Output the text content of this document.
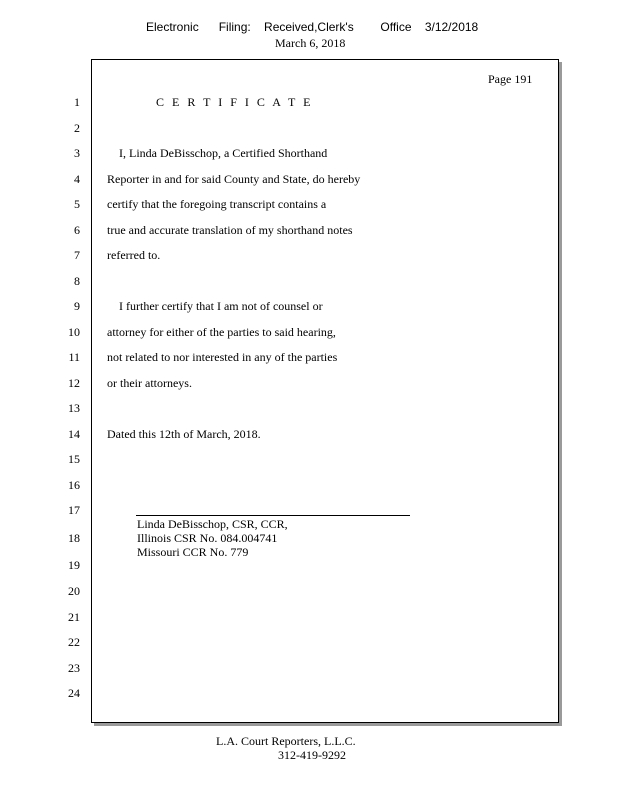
Electronic      Filing:    Received,Clerk's        Office    3/12/2018
March 6, 2018
Page 191
1
2
3
4
5
6
7
8
9
10
11
12
13
14
15
16
17
18
19
20
21
22
23
24
C E R T I F I C A T E
I, Linda DeBisschop, a Certified Shorthand
Reporter in and for said County and State, do hereby
certify that the foregoing transcript contains a
true and accurate translation of my shorthand notes
referred to.
I further certify that I am not of counsel or
attorney for either of the parties to said hearing,
not related to nor interested in any of the parties
or their attorneys.
Dated this 12th of March, 2018.
Linda DeBisschop, CSR, CCR,
Illinois CSR No. 084.004741
Missouri CCR No. 779
L.A. Court Reporters, L.L.C.
312-419-9292
